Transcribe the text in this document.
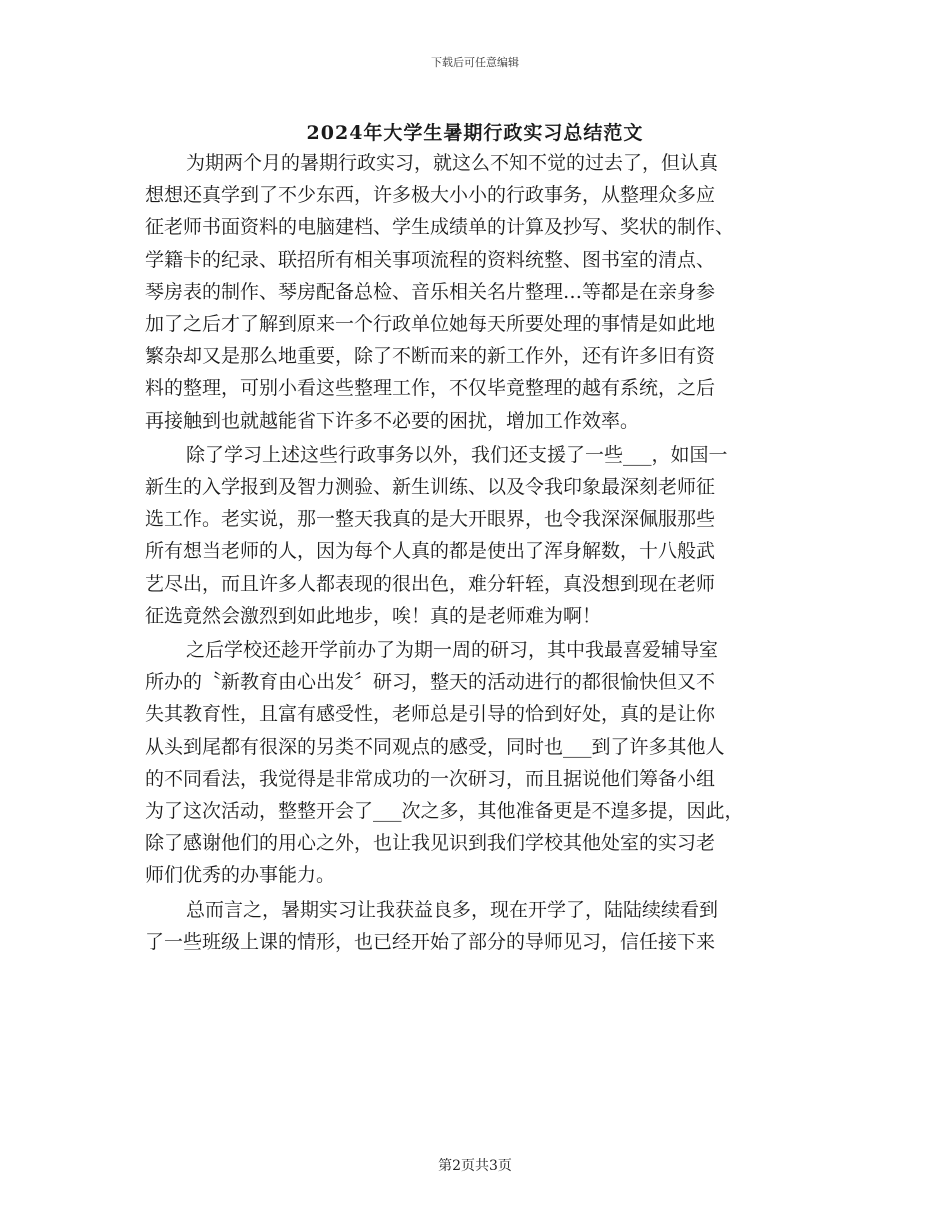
下载后可任意编辑
2024年大学生暑期行政实习总结范文
为期两个月的暑期行政实习，就这么不知不觉的过去了，但认真
想想还真学到了不少东西，许多极大小小的行政事务，从整理众多应
征老师书面资料的电脑建档、学生成绩单的计算及抄写、奖状的制作、
学籍卡的纪录、联招所有相关事项流程的资料统整、图书室的清点、
琴房表的制作、琴房配备总检、音乐相关名片整理…等都是在亲身参
加了之后才了解到原来一个行政单位她每天所要处理的事情是如此地
繁杂却又是那么地重要，除了不断而来的新工作外，还有许多旧有资
料的整理，可别小看这些整理工作，不仅毕竟整理的越有系统，之后
再接触到也就越能省下许多不必要的困扰，增加工作效率。
除了学习上述这些行政事务以外，我们还支援了一些___，如国一
新生的入学报到及智力测验、新生训练、以及令我印象最深刻老师征
选工作。老实说，那一整天我真的是大开眼界，也令我深深佩服那些
所有想当老师的人，因为每个人真的都是使出了浑身解数，十八般武
艺尽出，而且许多人都表现的很出色，难分轩轾，真没想到现在老师
征选竟然会激烈到如此地步，唉！真的是老师难为啊！
之后学校还趁开学前办了为期一周的研习，其中我最喜爱辅导室
所办的〝新教育由心出发〞研习，整天的活动进行的都很愉快但又不
失其教育性，且富有感受性，老师总是引导的恰到好处，真的是让你
从头到尾都有很深的另类不同观点的感受，同时也___到了许多其他人
的不同看法，我觉得是非常成功的一次研习，而且据说他们筹备小组
为了这次活动，整整开会了___次之多，其他准备更是不遑多提，因此，
除了感谢他们的用心之外，也让我见识到我们学校其他处室的实习老
师们优秀的办事能力。
总而言之，暑期实习让我获益良多，现在开学了，陆陆续续看到
了一些班级上课的情形，也已经开始了部分的导师见习，信任接下来
第2页共3页
